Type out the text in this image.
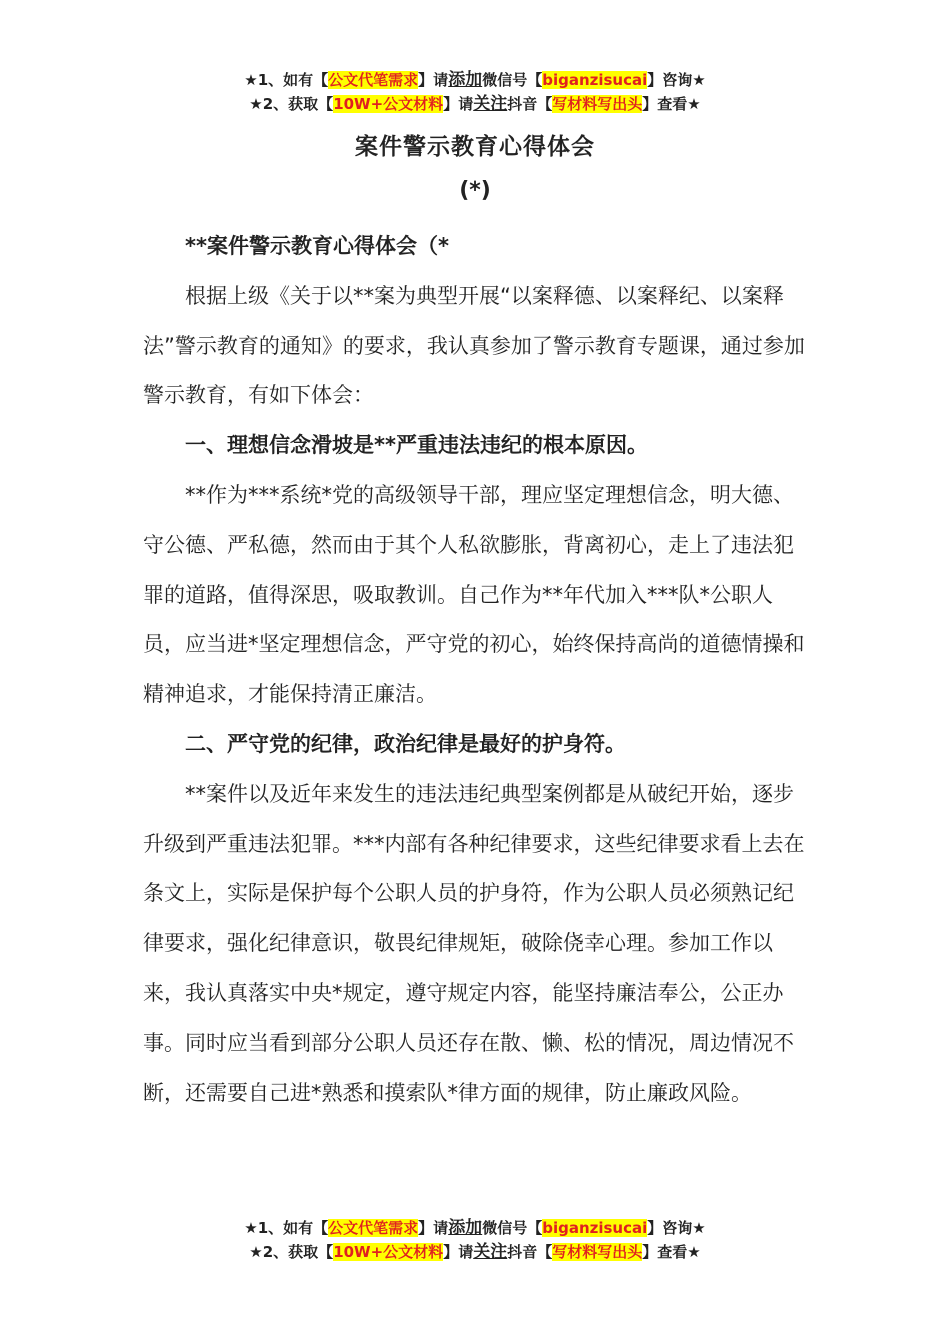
★1、如有【公文代笔需求】请添加微信号【biganzisucai】咨询★
★2、获取【10W+公文材料】请关注抖音【写材料写出头】查看★
案件警示教育心得体会
(*)

**案件警示教育心得体会（*

根据上级《关于以**案为典型开展“以案释德、以案释纪、以案释法”警示教育的通知》的要求，我认真参加了警示教育专题课，通过参加警示教育，有如下体会：

一、理想信念滑坡是**严重违法违纪的根本原因。

**作为***系统*党的高级领导干部，理应坚定理想信念，明大德、守公德、严私德，然而由于其个人私欲膨胀，背离初心，走上了违法犯罪的道路，值得深思，吸取教训。自己作为**年代加入***队*公职人员，应当进*坚定理想信念，严守党的初心，始终保持高尚的道德情操和精神追求，才能保持清正廉洁。

二、严守党的纪律，政治纪律是最好的护身符。

**案件以及近年来发生的违法违纪典型案例都是从破纪开始，逐步升级到严重违法犯罪。***内部有各种纪律要求，这些纪律要求看上去在条文上，实际是保护每个公职人员的护身符，作为公职人员必须熟记纪律要求，强化纪律意识，敬畏纪律规矩，破除侥幸心理。参加工作以来，我认真落实中央*规定，遵守规定内容，能坚持廉洁奉公，公正办事。同时应当看到部分公职人员还存在散、懒、松的情况，周边情况不断，还需要自己进*熟悉和摸索队*律方面的规律，防止廉政风险。

★1、如有【公文代笔需求】请添加微信号【biganzisucai】咨询★
★2、获取【10W+公文材料】请关注抖音【写材料写出头】查看★
